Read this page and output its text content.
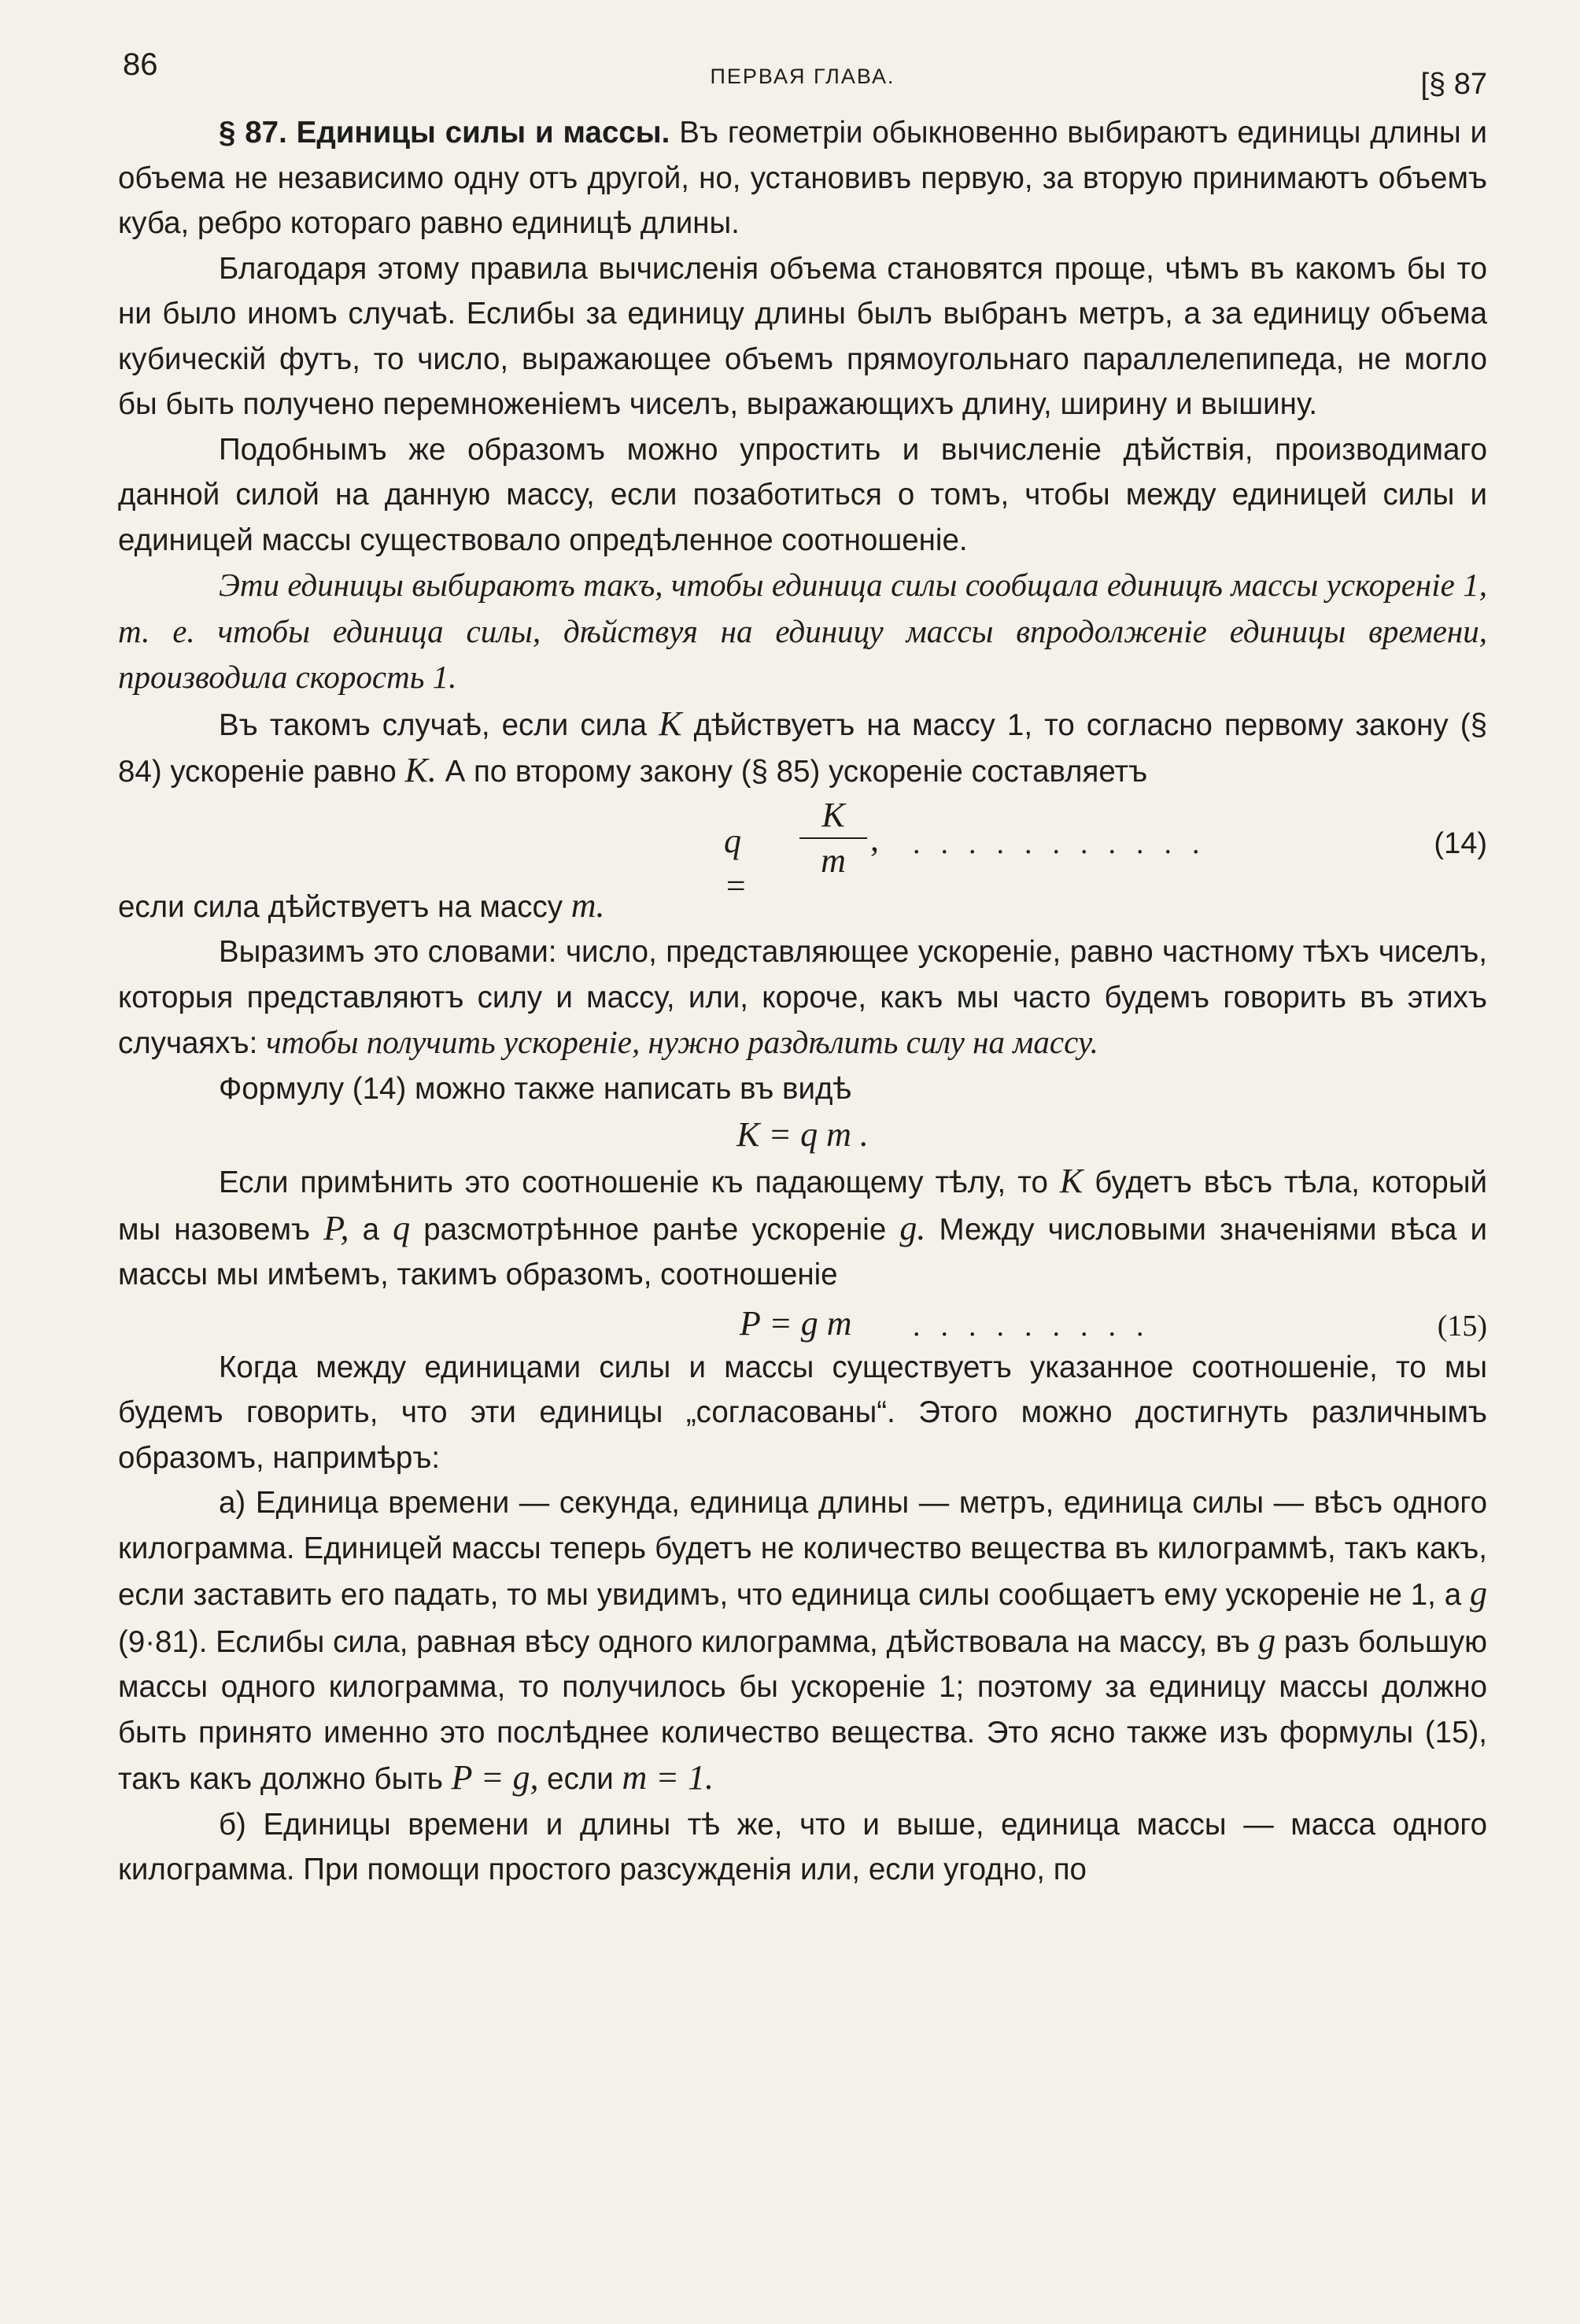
86	ПЕРВАЯ ГЛАВА.	[§ 87

§ 87. Единицы силы и массы. Въ геометріи обыкновенно выбираютъ единицы длины и объема не независимо одну отъ другой, но, установивъ первую, за вторую принимаютъ объемъ куба, ребро котораго равно единицѣ длины.

Благодаря этому правила вычисленія объема становятся проще, чѣмъ въ какомъ бы то ни было иномъ случаѣ. Еслибы за единицу длины былъ выбранъ метръ, а за единицу объема кубическій футъ, то число, выражающее объемъ прямоугольнаго параллелепипеда, не могло бы быть получено перемноженіемъ чиселъ, выражающихъ длину, ширину и вышину.

Подобнымъ же образомъ можно упростить и вычисленіе дѣйствія, производимаго данной силой на данную массу, если позаботиться о томъ, чтобы между единицей силы и единицей массы существовало опредѣленное соотношеніе.

Эти единицы выбираютъ такъ, чтобы единица силы сообщала единицѣ массы ускореніе 1, т. е. чтобы единица силы, дѣйствуя на единицу массы впродолженіе единицы времени, производила скорость 1.

Въ такомъ случаѣ, если сила K дѣйствуетъ на массу 1, то согласно первому закону (§ 84) ускореніе равно K. А по второму закону (§ 85) ускореніе составляетъ

q =
K
m
, ...........	(14)

если сила дѣйствуетъ на массу m.

Выразимъ это словами: число, представляющее ускореніе, равно частному тѣхъ чиселъ, которыя представляютъ силу и массу, или, короче, какъ мы часто будемъ говорить въ этихъ случаяхъ: чтобы получить ускореніе, нужно раздѣлить силу на массу.

Формулу (14) можно также написать въ видѣ

K = q m .

Если примѣнить это соотношеніе къ падающему тѣлу, то K будетъ вѣсъ тѣла, который мы назовемъ P, а q разсмотрѣнное ранѣе ускореніе g. Между числовыми значеніями вѣса и массы мы имѣемъ, такимъ образомъ, соотношеніе

P = g m .........	(15)

Когда между единицами силы и массы существуетъ указанное соотношеніе, то мы будемъ говорить, что эти единицы „согласованы“. Этого можно достигнуть различнымъ образомъ, напримѣръ:

а) Единица времени — секунда, единица длины — метръ, единица силы — вѣсъ одного килограмма. Единицей массы теперь будетъ не количество вещества въ килограммѣ, такъ какъ, если заставить его падать, то мы увидимъ, что единица силы сообщаетъ ему ускореніе не 1, а g (9·81). Еслибы сила, равная вѣсу одного килограмма, дѣйствовала на массу, въ g разъ большую массы одного килограмма, то получилось бы ускореніе 1; поэтому за единицу массы должно быть принято именно это послѣднее количество вещества. Это ясно также изъ формулы (15), такъ какъ должно быть P = g, если m = 1.

б) Единицы времени и длины тѣ же, что и выше, единица массы — масса одного килограмма. При помощи простого разсужденія или, если угодно, по
